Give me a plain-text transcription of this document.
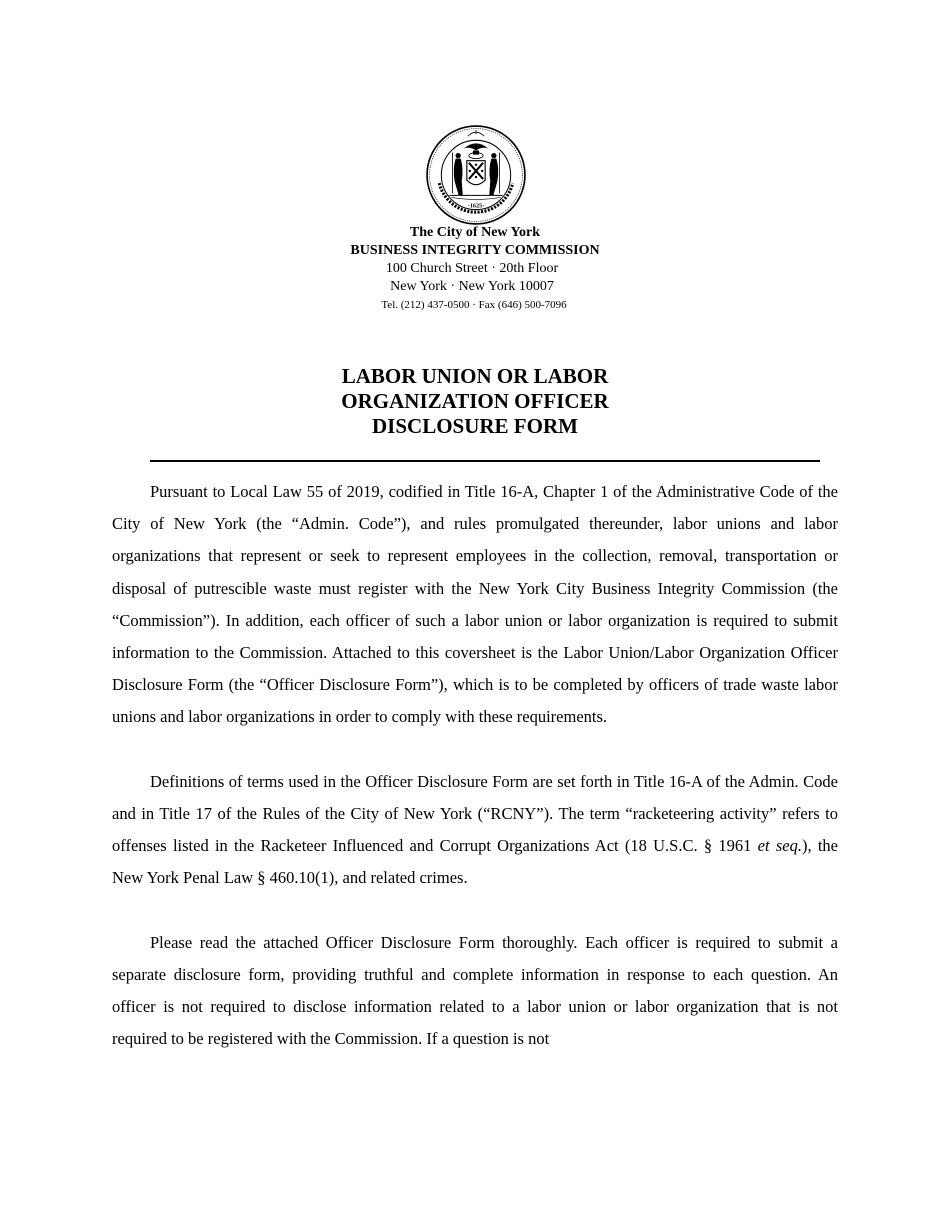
·1625·
The City of New York
BUSINESS INTEGRITY COMMISSION
100 Church Street · 20th Floor
New York · New York 10007
Tel. (212) 437-0500 · Fax (646) 500-7096
LABOR UNION OR LABOR
ORGANIZATION OFFICER
DISCLOSURE FORM

Pursuant to Local Law 55 of 2019, codified in Title 16-A, Chapter 1 of the Administrative Code of the City of New York (the “Admin. Code”), and rules promulgated thereunder, labor unions and labor organizations that represent or seek to represent employees in the collection, removal, transportation or disposal of putrescible waste must register with the New York City Business Integrity Commission (the “Commission”). In addition, each officer of such a labor union or labor organization is required to submit information to the Commission. Attached to this coversheet is the Labor Union/Labor Organization Officer Disclosure Form (the “Officer Disclosure Form”), which is to be completed by officers of trade waste labor unions and labor organizations in order to comply with these requirements.

Definitions of terms used in the Officer Disclosure Form are set forth in Title 16-A of the Admin. Code and in Title 17 of the Rules of the City of New York (“RCNY”). The term “racketeering activity” refers to offenses listed in the Racketeer Influenced and Corrupt Organizations Act (18 U.S.C. § 1961 et seq.), the New York Penal Law § 460.10(1), and related crimes.

Please read the attached Officer Disclosure Form thoroughly. Each officer is required to submit a separate disclosure form, providing truthful and complete information in response to each question. An officer is not required to disclose information related to a labor union or labor organization that is not required to be registered with the Commission. If a question is not
